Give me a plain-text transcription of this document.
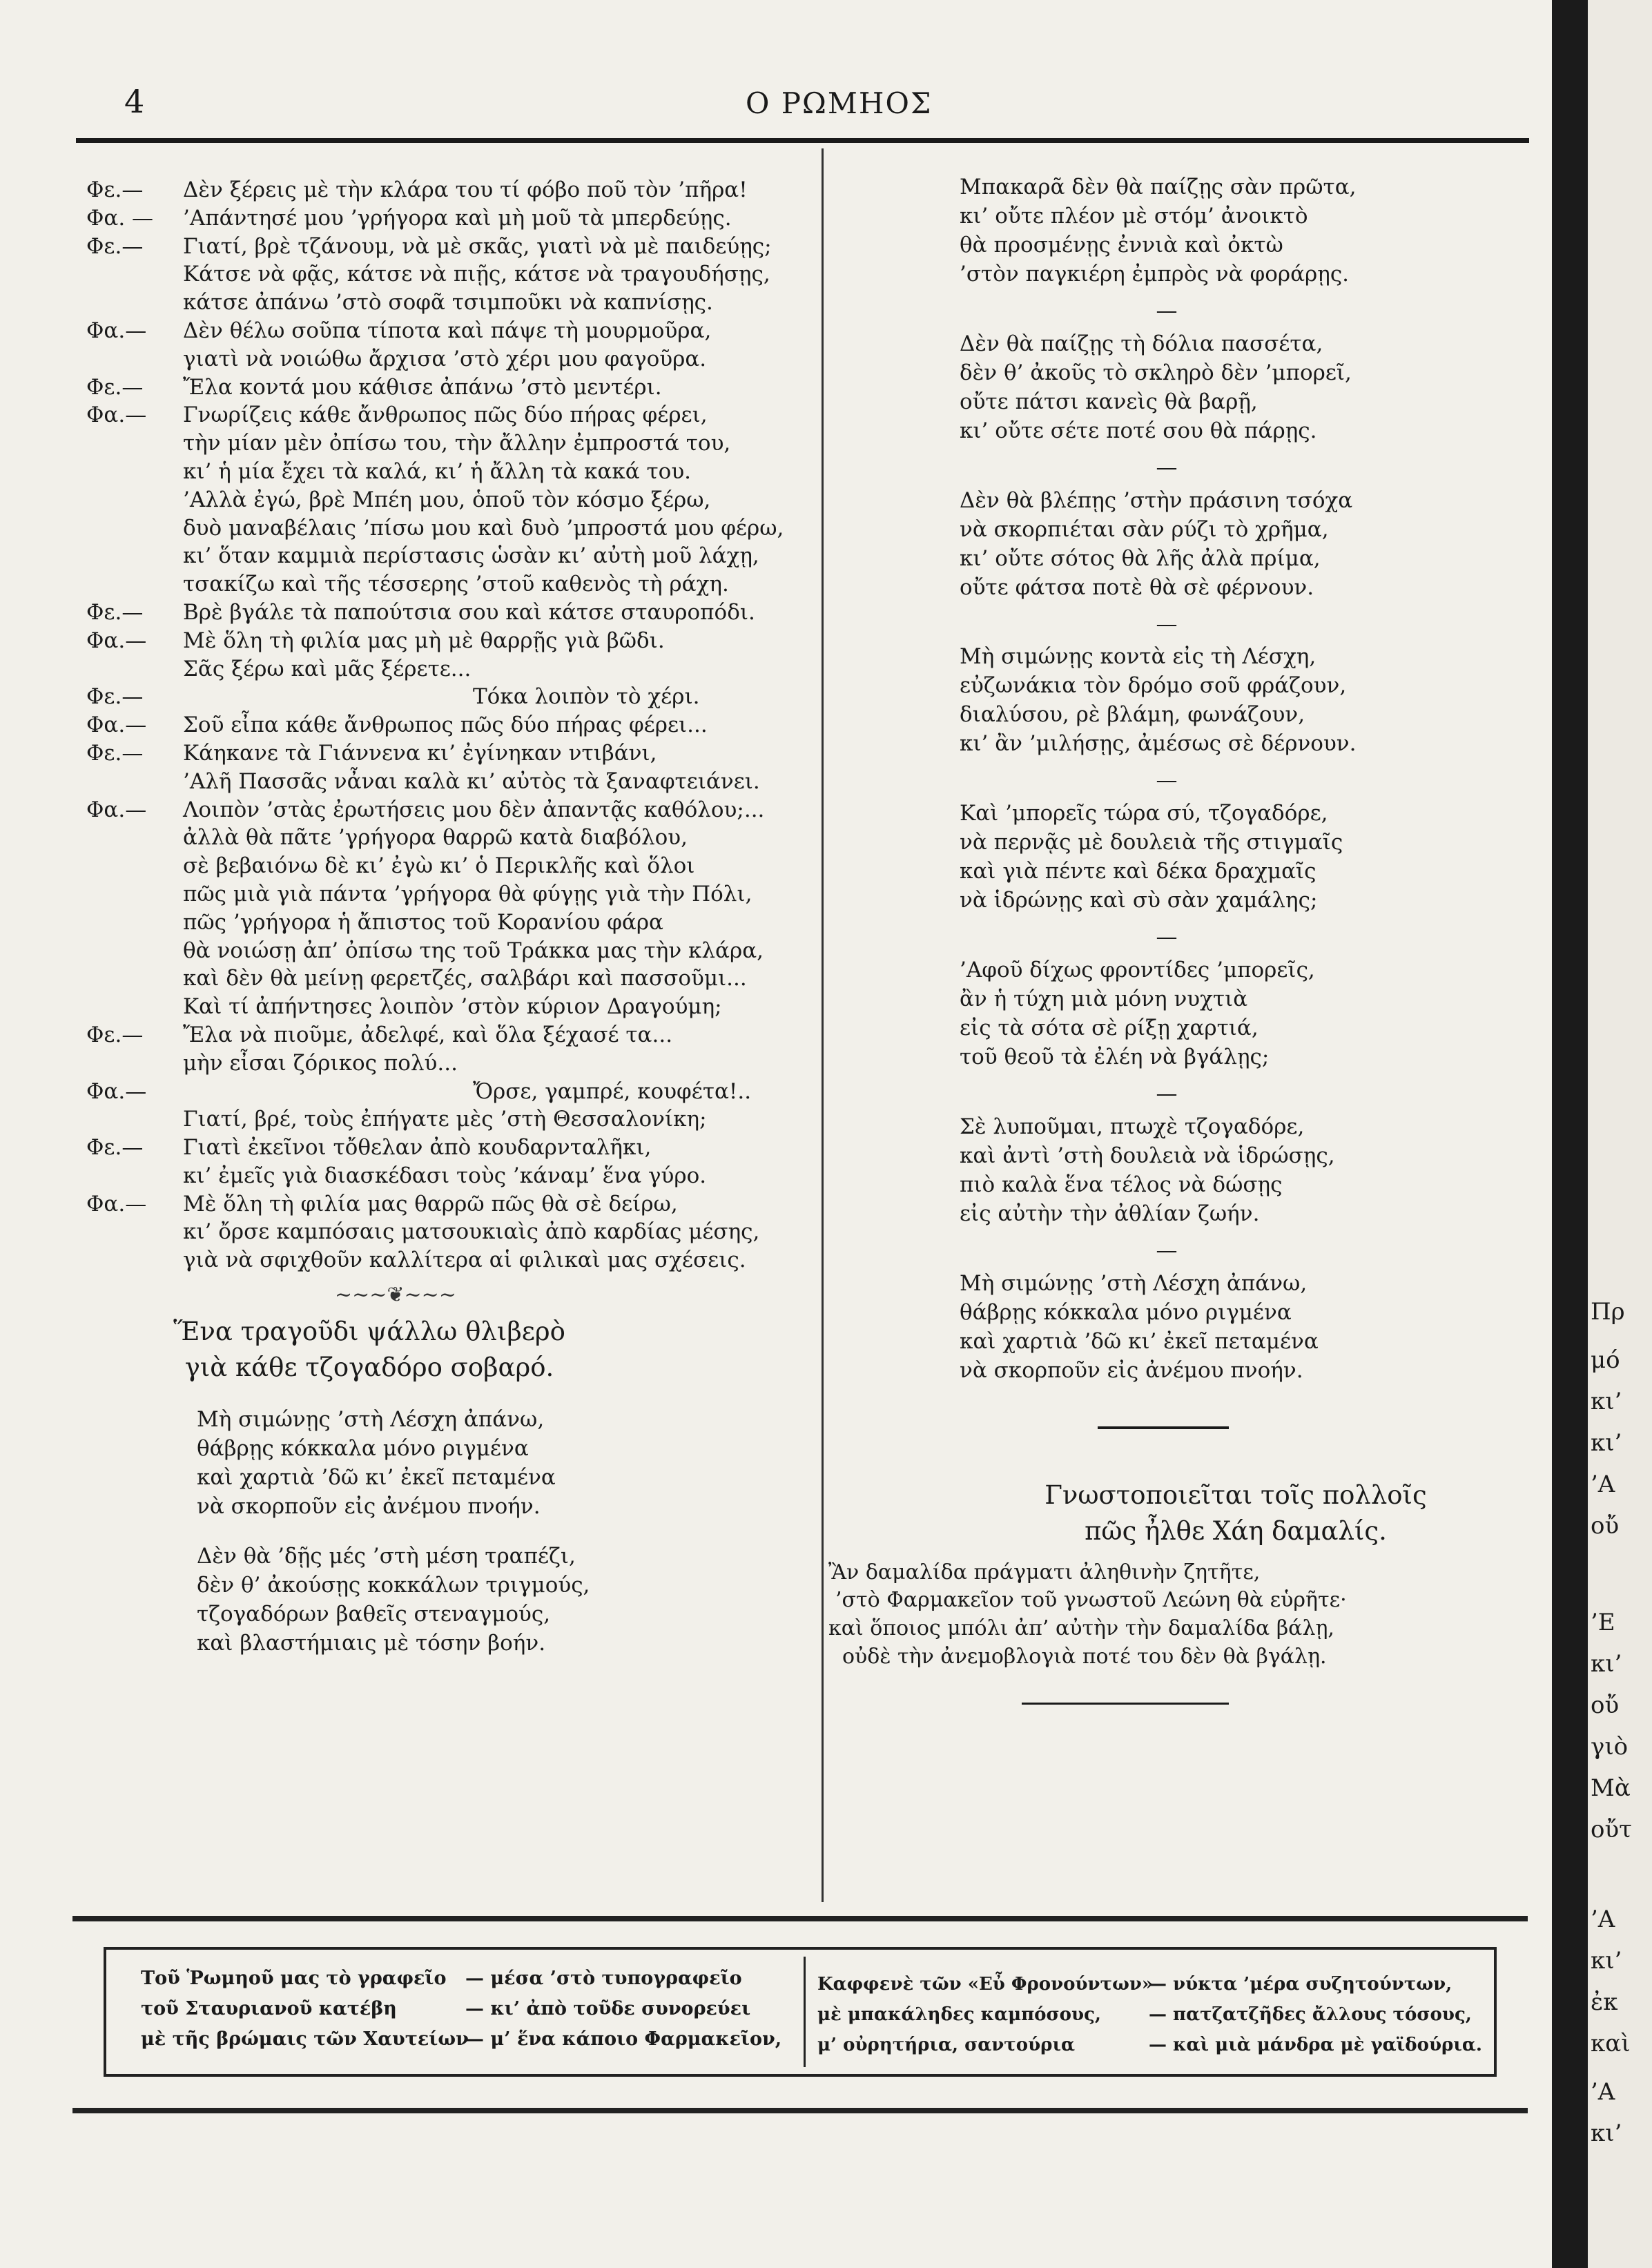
4	Ο ΡΩΜΗΟΣ
Φε.— Δὲν ξέρεις μὲ τὴν κλάρα του τί φόβο ποῦ τὸν ’πῆρα!
Φα. — ’Απάντησέ μου ’γρήγορα καὶ μὴ μοῦ τὰ μπερδεύῃς.
Φε.— Γιατί, βρὲ τζάνουμ, νὰ μὲ σκᾶς, γιατὶ νὰ μὲ παιδεύῃς;
Κάτσε νὰ φᾷς, κάτσε νὰ πιῇς, κάτσε νὰ τραγουδήσῃς,
κάτσε ἀπάνω ’στὸ σοφᾶ τσιμποῦκι νὰ καπνίσῃς.
Φα.— Δὲν θέλω σοῦπα τίποτα καὶ πάψε τὴ μουρμοῦρα,
γιατὶ νὰ νοιώθω ἄρχισα ’στὸ χέρι μου φαγοῦρα.
Φε.— Ἔλα κοντά μου κάθισε ἀπάνω ’στὸ μεντέρι.
Φα.— Γνωρίζεις κάθε ἄνθρωπος πῶς δύο πήρας φέρει,
τὴν μίαν μὲν ὀπίσω του, τὴν ἄλλην ἐμπροστά του,
κι’ ἡ μία ἔχει τὰ καλά, κι’ ἡ ἄλλη τὰ κακά του.
’Αλλὰ ἐγώ, βρὲ Μπέη μου, ὁποῦ τὸν κόσμο ξέρω,
δυὸ μαναβέλαις ’πίσω μου καὶ δυὸ ’μπροστά μου φέρω,
κι’ ὅταν καμμιὰ περίστασις ὡσὰν κι’ αὐτὴ μοῦ λάχῃ,
τσακίζω καὶ τῆς τέσσερης ’στοῦ καθενὸς τὴ ράχη.
Φε.— Βρὲ βγάλε τὰ παπούτσια σου καὶ κάτσε σταυροπόδι.
Φα.— Μὲ ὅλη τὴ φιλία μας μὴ μὲ θαρρῇς γιὰ βῶδι.
Σᾶς ξέρω καὶ μᾶς ξέρετε...
Φε.—	Τόκα λοιπὸν τὸ χέρι.
Φα.— Σοῦ εἶπα κάθε ἄνθρωπος πῶς δύο πήρας φέρει...
Φε.— Κάηκανε τὰ Γιάννενα κι’ ἐγίνηκαν ντιβάνι,
’Αλῆ Πασσᾶς νἆναι καλὰ κι’ αὐτὸς τὰ ξαναφτειάνει.
Φα.— Λοιπὸν ’στὰς ἐρωτήσεις μου δὲν ἀπαντᾷς καθόλου;...
ἀλλὰ θὰ πᾶτε ’γρήγορα θαρρῶ κατὰ διαβόλου,
σὲ βεβαιόνω δὲ κι’ ἐγὼ κι’ ὁ Περικλῆς καὶ ὅλοι
πῶς μιὰ γιὰ πάντα ’γρήγορα θὰ φύγῃς γιὰ τὴν Πόλι,
πῶς ’γρήγορα ἡ ἄπιστος τοῦ Κορανίου φάρα
θὰ νοιώσῃ ἀπ’ ὀπίσω της τοῦ Τράκκα μας τὴν κλάρα,
καὶ δὲν θὰ μείνῃ φερετζές, σαλβάρι καὶ πασσοῦμι...
Καὶ τί ἀπήντησες λοιπὸν ’στὸν κύριον Δραγούμη;
Φε.— Ἔλα νὰ πιοῦμε, ἀδελφέ, καὶ ὅλα ξέχασέ τα...
μὴν εἶσαι ζόρικος πολύ...
Φα.—	Ὄρσε, γαμπρέ, κουφέτα!..
Γιατί, βρέ, τοὺς ἐπήγατε μὲς ’στὴ Θεσσαλονίκη;
Φε.— Γιατὶ ἐκεῖνοι τὄθελαν ἀπὸ κουδαρνταλῆκι,
κι’ ἐμεῖς γιὰ διασκέδασι τοὺς ’κάναμ’ ἕνα γύρο.
Φα.— Μὲ ὅλη τὴ φιλία μας θαρρῶ πῶς θὰ σὲ δείρω,
κι’ ὄρσε καμπόσαις ματσουκιαὶς ἀπὸ καρδίας μέσης,
γιὰ νὰ σφιχθοῦν καλλίτερα αἱ φιλικαὶ μας σχέσεις.
~~~❦~~~
Ἕνα τραγοῦδι ψάλλω θλιβερὸ
γιὰ κάθε τζογαδόρο σοβαρό.
Μὴ σιμώνῃς ’στὴ Λέσχη ἀπάνω,
θάβρῃς κόκκαλα μόνο ριγμένα
καὶ χαρτιὰ ’δῶ κι’ ἐκεῖ πεταμένα
νὰ σκορποῦν εἰς ἀνέμου πνοήν.
Δὲν θὰ ’δῇς μές ’στὴ μέση τραπέζι,
δὲν θ’ ἀκούσῃς κοκκάλων τριγμούς,
τζογαδόρων βαθεῖς στεναγμούς,
καὶ βλαστήμιαις μὲ τόσην βοήν.
Μπακαρᾶ δὲν θὰ παίζῃς σὰν πρῶτα,
κι’ οὔτε πλέον μὲ στόμ’ ἀνοικτὸ
θὰ προσμένῃς ἐννιὰ καὶ ὀκτὼ
’στὸν παγκιέρη ἐμπρὸς νὰ φοράρῃς.
—
Δὲν θὰ παίζῃς τὴ δόλια πασσέτα,
δὲν θ’ ἀκοῦς τὸ σκληρὸ δὲν ’μπορεῖ,
οὔτε πάτσι κανεὶς θὰ βαρῇ,
κι’ οὔτε σέτε ποτέ σου θὰ πάρῃς.
—
Δὲν θὰ βλέπῃς ’στὴν πράσινη τσόχα
νὰ σκορπιέται σὰν ρύζι τὸ χρῆμα,
κι’ οὔτε σότος θὰ λῆς ἀλὰ πρίμα,
οὔτε φάτσα ποτὲ θὰ σὲ φέρνουν.
—
Μὴ σιμώνῃς κοντὰ εἰς τὴ Λέσχη,
εὐζωνάκια τὸν δρόμο σοῦ φράζουν,
διαλύσου, ρὲ βλάμη, φωνάζουν,
κι’ ἂν ’μιλήσῃς, ἀμέσως σὲ δέρνουν.
—
Καὶ ’μπορεῖς τώρα σύ, τζογαδόρε,
νὰ περνᾷς μὲ δουλειὰ τῆς στιγμαῖς
καὶ γιὰ πέντε καὶ δέκα δραχμαῖς
νὰ ἱδρώνῃς καὶ σὺ σὰν χαμάλης;
—
’Αφοῦ δίχως φροντίδες ’μπορεῖς,
ἂν ἡ τύχη μιὰ μόνη νυχτιὰ
εἰς τὰ σότα σὲ ρίξῃ χαρτιά,
τοῦ θεοῦ τὰ ἐλέη νὰ βγάλῃς;
—
Σὲ λυποῦμαι, πτωχὲ τζογαδόρε,
καὶ ἀντὶ ’στὴ δουλειὰ νὰ ἱδρώσῃς,
πιὸ καλὰ ἕνα τέλος νὰ δώσῃς
εἰς αὐτὴν τὴν ἀθλίαν ζωήν.
—
Μὴ σιμώνῃς ’στὴ Λέσχη ἀπάνω,
θάβρῃς κόκκαλα μόνο ριγμένα
καὶ χαρτιὰ ’δῶ κι’ ἐκεῖ πεταμένα
νὰ σκορποῦν εἰς ἀνέμου πνοήν.
Γνωστοποιεῖται τοῖς πολλοῖς
πῶς ἦλθε Χάη δαμαλίς.
Ἂν δαμαλίδα πράγματι ἀληθινὴν ζητῆτε,
’στὸ Φαρμακεῖον τοῦ γνωστοῦ Λεώνη θὰ εὑρῆτε·
καὶ ὅποιος μπόλι ἀπ’ αὐτὴν τὴν δαμαλίδα βάλῃ,
οὐδὲ τὴν ἀνεμοβλογιὰ ποτέ του δὲν θὰ βγάλῃ.
Τοῦ Ῥωμηοῦ μας τὸ γραφεῖο — μέσα ’στὸ τυπογραφεῖο
τοῦ Σταυριανοῦ κατέβη	— κι’ ἀπὸ τοῦδε συνορεύει
μὲ τῆς βρώμαις τῶν Χαυτείων— μ’ ἕνα κάποιο Φαρμακεῖον,
Καφφενὲ τῶν «Εὖ Φρονούντων»— νύκτα ’μέρα συζητούντων,
μὲ μπακάληδες καμπόσους,	— πατζατζῆδες ἄλλους τόσους,
μ’ οὐρητήρια, σαντούρια	— καὶ μιὰ μάνδρα μὲ γαϊδούρια.
Πρ
μό
κι’
κι’
’Α
οὔ
’Ε
κι’
οὔ
γιὸ
Μὰ
οὔτ
’Α
κι’
ἐκ
καὶ
’Α
κι’
